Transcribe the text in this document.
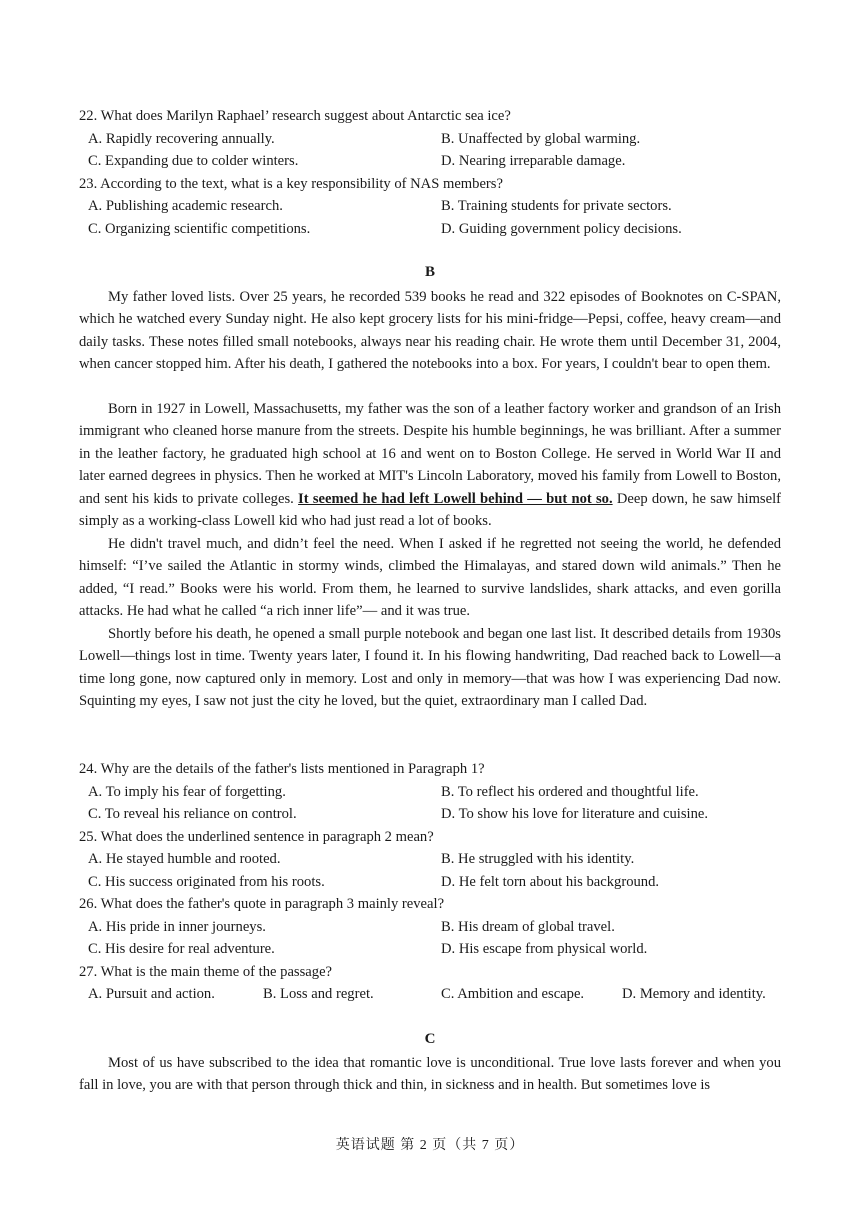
22. What does Marilyn Raphael’ research suggest about Antarctic sea ice?
A. Rapidly recovering annually.	B. Unaffected by global warming.
C. Expanding due to colder winters.	D. Nearing irreparable damage.
23. According to the text, what is a key responsibility of NAS members?
A. Publishing academic research.	B. Training students for private sectors.
C. Organizing scientific competitions.	D. Guiding government policy decisions.
B

My father loved lists. Over 25 years, he recorded 539 books he read and 322 episodes of Booknotes on C-SPAN, which he watched every Sunday night. He also kept grocery lists for his mini-fridge—Pepsi, coffee, heavy cream—and daily tasks. These notes filled small notebooks, always near his reading chair. He wrote them until December 31, 2004, when cancer stopped him. After his death, I gathered the notebooks into a box. For years, I couldn't bear to open them.

Born in 1927 in Lowell, Massachusetts, my father was the son of a leather factory worker and grandson of an Irish immigrant who cleaned horse manure from the streets. Despite his humble beginnings, he was brilliant. After a summer in the leather factory, he graduated high school at 16 and went on to Boston College. He served in World War II and later earned degrees in physics. Then he worked at MIT's Lincoln Laboratory, moved his family from Lowell to Boston, and sent his kids to private colleges. It seemed he had left Lowell behind — but not so. Deep down, he saw himself simply as a working-class Lowell kid who had just read a lot of books.

He didn't travel much, and didn’t feel the need. When I asked if he regretted not seeing the world, he defended himself: “I’ve sailed the Atlantic in stormy winds, climbed the Himalayas, and stared down wild animals.” Then he added, “I read.” Books were his world. From them, he learned to survive landslides, shark attacks, and even gorilla attacks. He had what he called “a rich inner life”— and it was true.

Shortly before his death, he opened a small purple notebook and began one last list. It described details from 1930s Lowell—things lost in time. Twenty years later, I found it. In his flowing handwriting, Dad reached back to Lowell—a time long gone, now captured only in memory. Lost and only in memory—that was how I was experiencing Dad now. Squinting my eyes, I saw not just the city he loved, but the quiet, extraordinary man I called Dad.

24. Why are the details of the father's lists mentioned in Paragraph 1?
A. To imply his fear of forgetting.	B. To reflect his ordered and thoughtful life.
C. To reveal his reliance on control.	D. To show his love for literature and cuisine.
25. What does the underlined sentence in paragraph 2 mean?
A. He stayed humble and rooted.	B. He struggled with his identity.
C. His success originated from his roots.	D. He felt torn about his background.
26. What does the father's quote in paragraph 3 mainly reveal?
A. His pride in inner journeys.	B. His dream of global travel.
C. His desire for real adventure.	D. His escape from physical world.
27. What is the main theme of the passage?
A. Pursuit and action.	B. Loss and regret.	C. Ambition and escape.	D. Memory and identity.
C

Most of us have subscribed to the idea that romantic love is unconditional. True love lasts forever and when you fall in love, you are with that person through thick and thin, in sickness and in health. But sometimes love is

英语试题 第 2 页（共 7 页）
